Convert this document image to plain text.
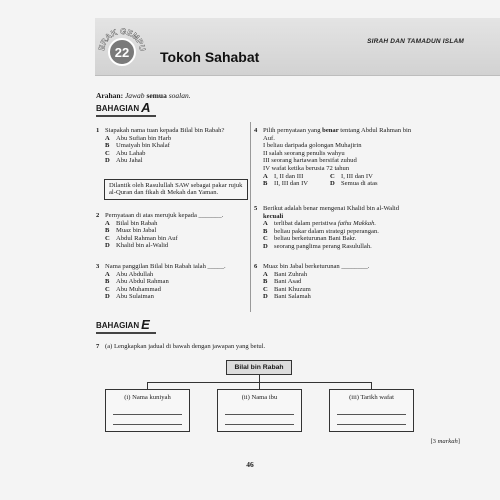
SIRAH DAN TAMADUN ISLAM
RAK GEMP
22 Tokoh Sahabat
Arahan: Jawab semua soalan.
BAHAGIAN A
1 Siapakah nama tuan kepada Bilal bin Rabah?
A Abu Sufian bin Harb
B Umaiyah bin Khalaf
C Abu Lahab
D Abu Jahal
Dilantik oleh Rasulullah SAW sebagai pakar rujuk al-Quran dan fikah di Mekah dan Yaman.
2 Pernyataan di atas merujuk kepada _______.
A Bilal bin Rabah
B Muaz bin Jabal
C Abdul Rahman bin Auf
D Khalid bin al-Walid
3 Nama panggilan Bilal bin Rabah ialah _____.
A Abu Abdullah
B Abu Abdul Rahman
C Abu Muhammad
D Abu Sulaiman
4 Pilih pernyataan yang benar tentang Abdul Rahman bin Auf.
I beliau daripada golongan Muhajirin
II salah seorang penulis wahyu
III seorang hartawan bersifat zuhud
IV wafat ketika berusia 72 tahun
A I, II dan III	C I, III dan IV
B II, III dan IV	D Semua di atas
5 Berikut adalah benar mengenai Khalid bin al-Walid kecuali
A terlibat dalam peristiwa fathu Makkah.
B beliau pakar dalam strategi peperangan.
C beliau berketurunan Bani Bakr.
D seorang panglima perang Rasulullah.
6 Muaz bin Jabal berketurunan ________.
A Bani Zuhrah
B Bani Asad
C Bani Khuzum
D Bani Salamah
BAHAGIAN E
7 (a) Lengkapkan jadual di bawah dengan jawapan yang betul.
Bilal bin Rabah
(i) Nama kuniyah	(ii) Nama ibu	(iii) Tarikh wafat
[3 markah]
46
